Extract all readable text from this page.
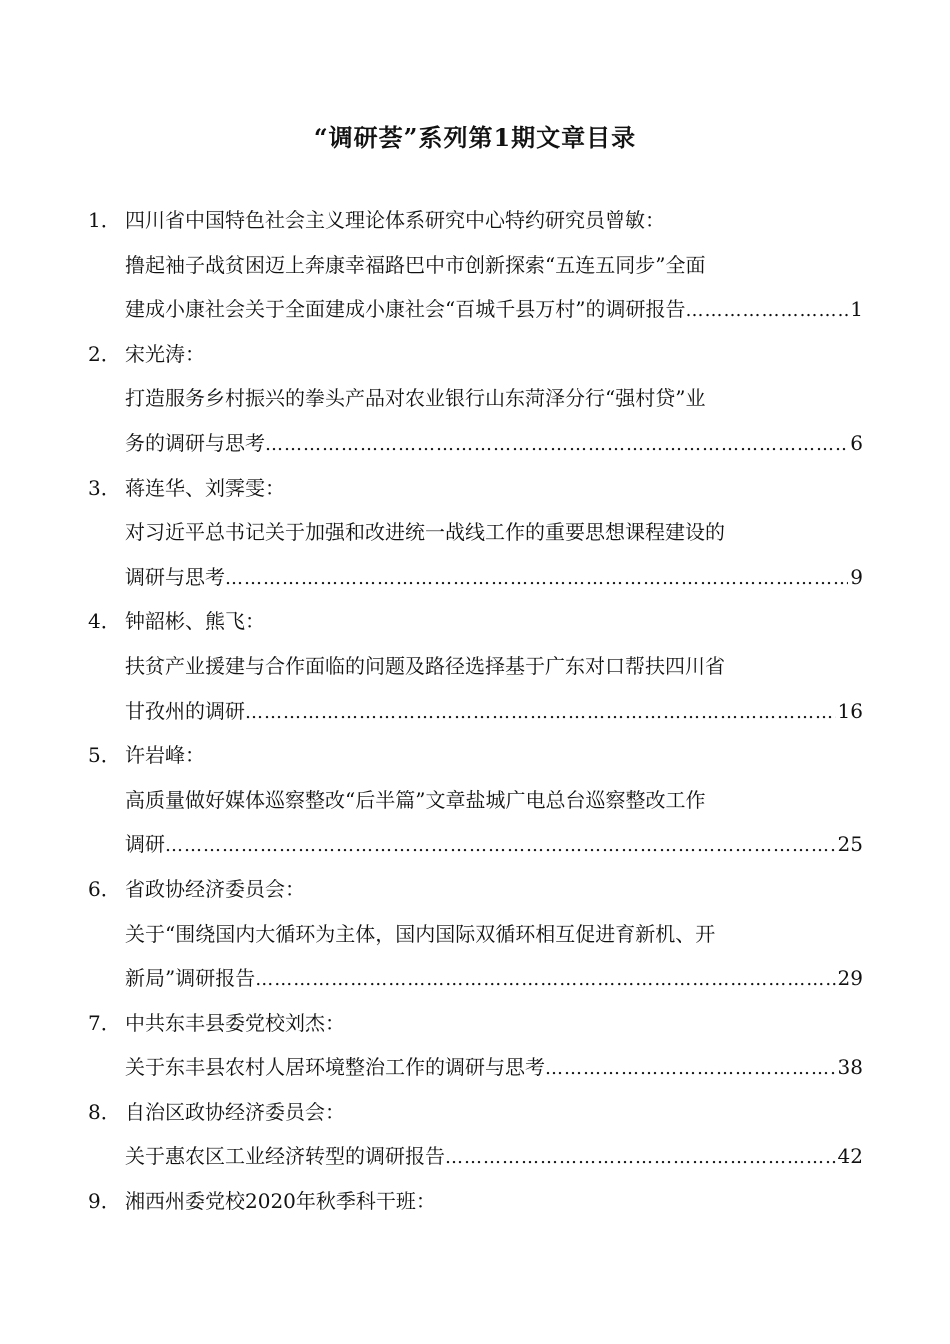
“调研荟”系列第1期文章目录
1． 四川省中国特色社会主义理论体系研究中心特约研究员曾敏：
撸起袖子战贫困迈上奔康幸福路巴中市创新探索“五连五同步”全面
建成小康社会关于全面建成小康社会“百城千县万村”的调研报告 ……………………………………………………………………………………………………………………………………………………………………	1
2． 宋光涛：
打造服务乡村振兴的拳头产品对农业银行山东菏泽分行“强村贷”业
务的调研与思考 ……………………………………………………………………………………………………………………………………………………………………	6
3． 蒋连华、刘霁雯：
对习近平总书记关于加强和改进统一战线工作的重要思想课程建设的
调研与思考 ……………………………………………………………………………………………………………………………………………………………………	9
4． 钟韶彬、熊飞：
扶贫产业援建与合作面临的问题及路径选择基于广东对口帮扶四川省
甘孜州的调研 ……………………………………………………………………………………………………………………………………………………………………	16
5． 许岩峰：
高质量做好媒体巡察整改“后半篇”文章盐城广电总台巡察整改工作
调研 ……………………………………………………………………………………………………………………………………………………………………	25
6． 省政协经济委员会：
关于“围绕国内大循环为主体，国内国际双循环相互促进育新机、开
新局”调研报告 ……………………………………………………………………………………………………………………………………………………………………	29
7． 中共东丰县委党校刘杰：
关于东丰县农村人居环境整治工作的调研与思考 ……………………………………………………………………………………………………………………………………………………………………	38
8． 自治区政协经济委员会：
关于惠农区工业经济转型的调研报告 ……………………………………………………………………………………………………………………………………………………………………	42
9． 湘西州委党校2020年秋季科干班：
